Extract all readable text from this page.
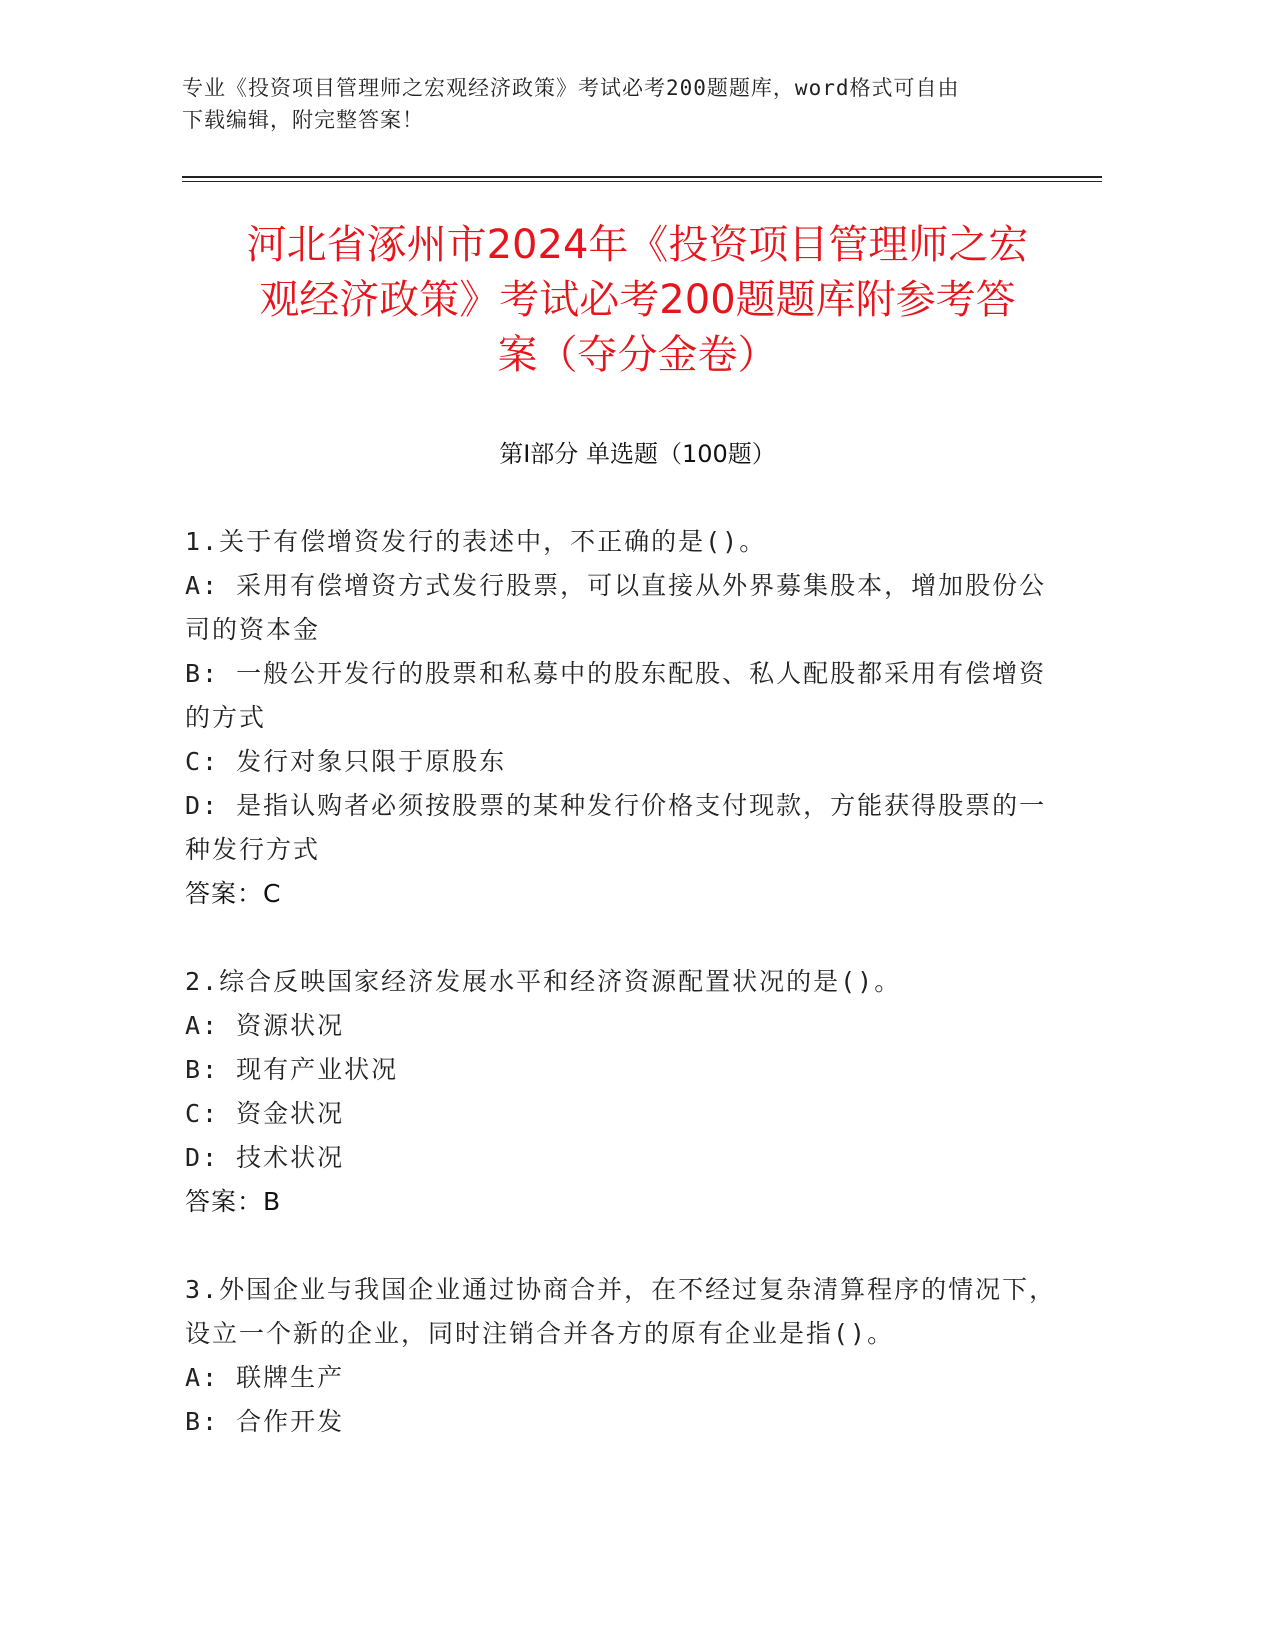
专业《投资项目管理师之宏观经济政策》考试必考200题题库，word格式可自由
下载编辑，附完整答案！
河北省涿州市2024年《投资项目管理师之宏
观经济政策》考试必考200题题库附参考答
案（夺分金卷）
第Ⅰ部分 单选题（100题）

1.关于有偿增资发行的表述中，不正确的是()。

A: 采用有偿增资方式发行股票，可以直接从外界募集股本，增加股份公司的资本金

B: 一般公开发行的股票和私募中的股东配股、私人配股都采用有偿增资的方式

C: 发行对象只限于原股东

D: 是指认购者必须按股票的某种发行价格支付现款，方能获得股票的一种发行方式

答案：C

2.综合反映国家经济发展水平和经济资源配置状况的是()。

A: 资源状况

B: 现有产业状况

C: 资金状况

D: 技术状况

答案：B

3.外国企业与我国企业通过协商合并，在不经过复杂清算程序的情况下，设立一个新的企业，同时注销合并各方的原有企业是指()。

A: 联牌生产

B: 合作开发
